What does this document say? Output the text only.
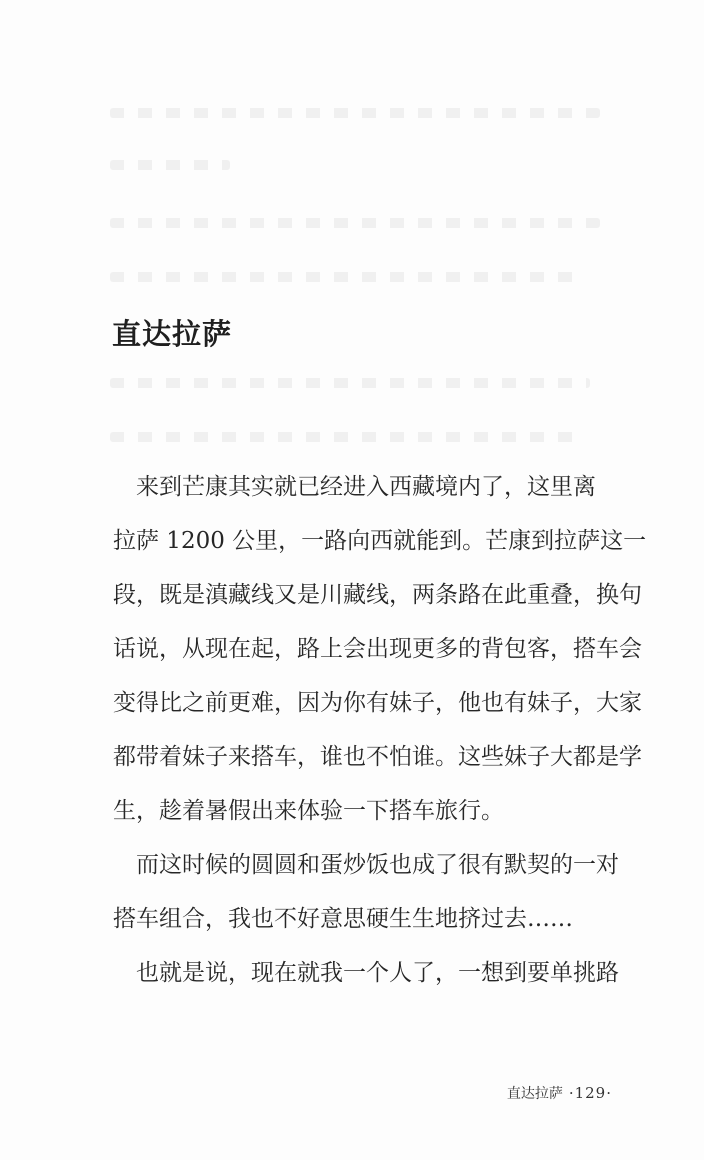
直达拉萨
　来到芒康其实就已经进入西藏境内了，这里离
拉萨 1200 公里，一路向西就能到。芒康到拉萨这一
段，既是滇藏线又是川藏线，两条路在此重叠，换句
话说，从现在起，路上会出现更多的背包客，搭车会
变得比之前更难，因为你有妹子，他也有妹子，大家
都带着妹子来搭车，谁也不怕谁。这些妹子大都是学
生，趁着暑假出来体验一下搭车旅行。
　而这时候的圆圆和蛋炒饭也成了很有默契的一对
搭车组合，我也不好意思硬生生地挤过去……
　也就是说，现在就我一个人了，一想到要单挑路
直达拉萨 ·129·
